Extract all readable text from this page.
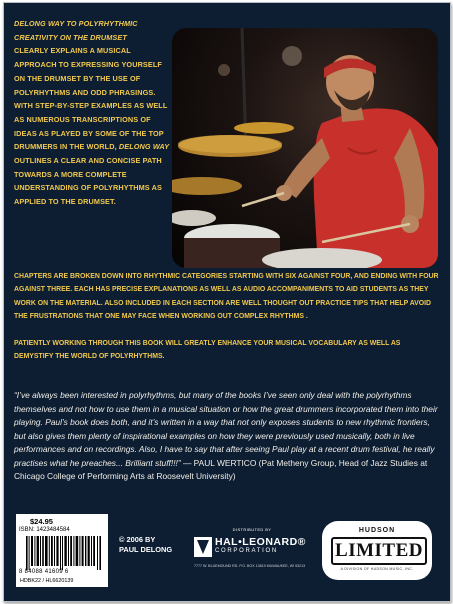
DELONG WAY TO POLYRHYTHMIC
CREATIVITY ON THE DRUMSET
CLEARLY EXPLAINS A MUSICAL APPROACH TO EXPRESSING YOURSELF ON THE DRUMSET BY THE USE OF POLYRHYTHMS AND ODD PHRASINGS. WITH STEP-BY-STEP EXAMPLES AS WELL AS NUMEROUS TRANSCRIPTIONS OF IDEAS AS PLAYED BY SOME OF THE TOP DRUMMERS IN THE WORLD, DELONG WAY OUTLINES A CLEAR AND CONCISE PATH TOWARDS A MORE COMPLETE UNDERSTANDING OF POLYRHYTHMS AS APPLIED TO THE DRUMSET.
CHAPTERS ARE BROKEN DOWN INTO RHYTHMIC CATEGORIES STARTING WITH SIX AGAINST FOUR, AND ENDING WITH FOUR AGAINST THREE. EACH HAS PRECISE EXPLANATIONS AS WELL AS AUDIO ACCOMPANIMENTS TO AID STUDENTS AS THEY WORK ON THE MATERIAL. ALSO INCLUDED IN EACH SECTION ARE WELL THOUGHT OUT PRACTICE TIPS THAT HELP AVOID THE FRUSTRATIONS THAT ONE MAY FACE WHEN WORKING OUT COMPLEX RHYTHMS .
PATIENTLY WORKING THROUGH THIS BOOK WILL GREATLY ENHANCE YOUR MUSICAL VOCABULARY AS WELL AS DEMYSTIFY THE WORLD OF POLYRHYTHMS.
“I’ve always been interested in polyrhythms, but many of the books I’ve seen only deal with the polyrhythms themselves and not how to use them in a musical situation or how the great drummers incorporated them into their playing. Paul’s book does both, and it’s written in a way that not only exposes students to new rhythmic frontiers, but also gives them plenty of inspirational examples on how they were previously used musically, both in live performances and on recordings. Also, I have to say that after seeing Paul play at a recent drum festival, he really practises what he preaches... Brilliant stuff!!!” — PAUL WERTICO (Pat Metheny Group, Head of Jazz Studies at Chicago College of Performing Arts at Roosevelt University)
$24.95
ISBN: 1423484584
8 84088 41609 6
HDBK22 / HL6620139
© 2006 BY
PAUL DELONG
DISTRIBUTED BY
HAL•LEONARD®
CORPORATION
7777 W. BLUEMOUND RD. P.O. BOX 13819 MILWAUKEE, WI 53213
HUDSON
LIMITED
A DIVISION OF HUDSON MUSIC, INC.
